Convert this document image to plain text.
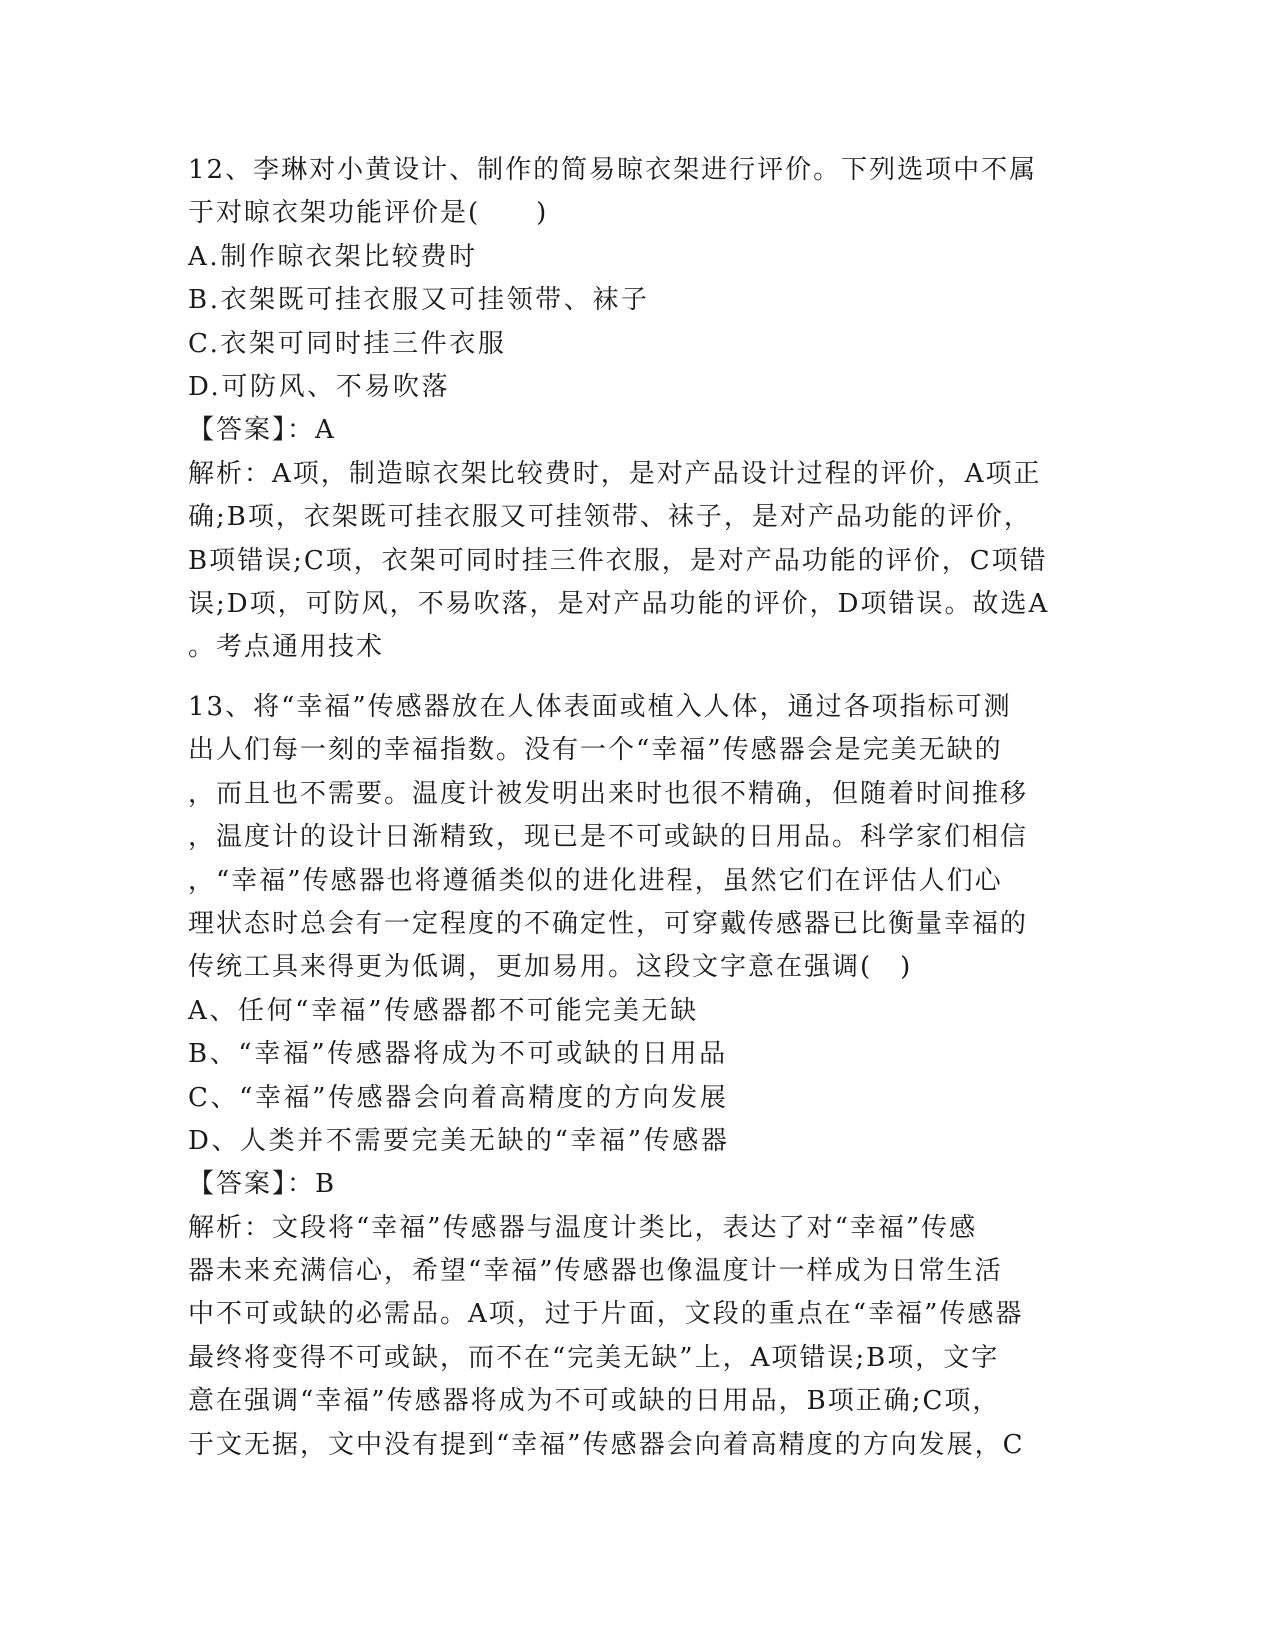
12、李琳对小黄设计、制作的简易晾衣架进行评价。下列选项中不属
于对晾衣架功能评价是(　　)
A.制作晾衣架比较费时
B.衣架既可挂衣服又可挂领带、袜子
C.衣架可同时挂三件衣服
D.可防风、不易吹落
【答案】：A
解析：A项，制造晾衣架比较费时，是对产品设计过程的评价，A项正
确;B项，衣架既可挂衣服又可挂领带、袜子，是对产品功能的评价，
B项错误;C项，衣架可同时挂三件衣服，是对产品功能的评价，C项错
误;D项，可防风，不易吹落，是对产品功能的评价，D项错误。故选A
。考点通用技术
13、将“幸福”传感器放在人体表面或植入人体，通过各项指标可测
出人们每一刻的幸福指数。没有一个“幸福”传感器会是完美无缺的
，而且也不需要。温度计被发明出来时也很不精确，但随着时间推移
，温度计的设计日渐精致，现已是不可或缺的日用品。科学家们相信
，“幸福”传感器也将遵循类似的进化进程，虽然它们在评估人们心
理状态时总会有一定程度的不确定性，可穿戴传感器已比衡量幸福的
传统工具来得更为低调，更加易用。这段文字意在强调(　)
A、任何“幸福”传感器都不可能完美无缺
B、“幸福”传感器将成为不可或缺的日用品
C、“幸福”传感器会向着高精度的方向发展
D、人类并不需要完美无缺的“幸福”传感器
【答案】：B
解析：文段将“幸福”传感器与温度计类比，表达了对“幸福”传感
器未来充满信心，希望“幸福”传感器也像温度计一样成为日常生活
中不可或缺的必需品。A项，过于片面，文段的重点在“幸福”传感器
最终将变得不可或缺，而不在“完美无缺”上，A项错误;B项，文字
意在强调“幸福”传感器将成为不可或缺的日用品，B项正确;C项，
于文无据，文中没有提到“幸福”传感器会向着高精度的方向发展，C
